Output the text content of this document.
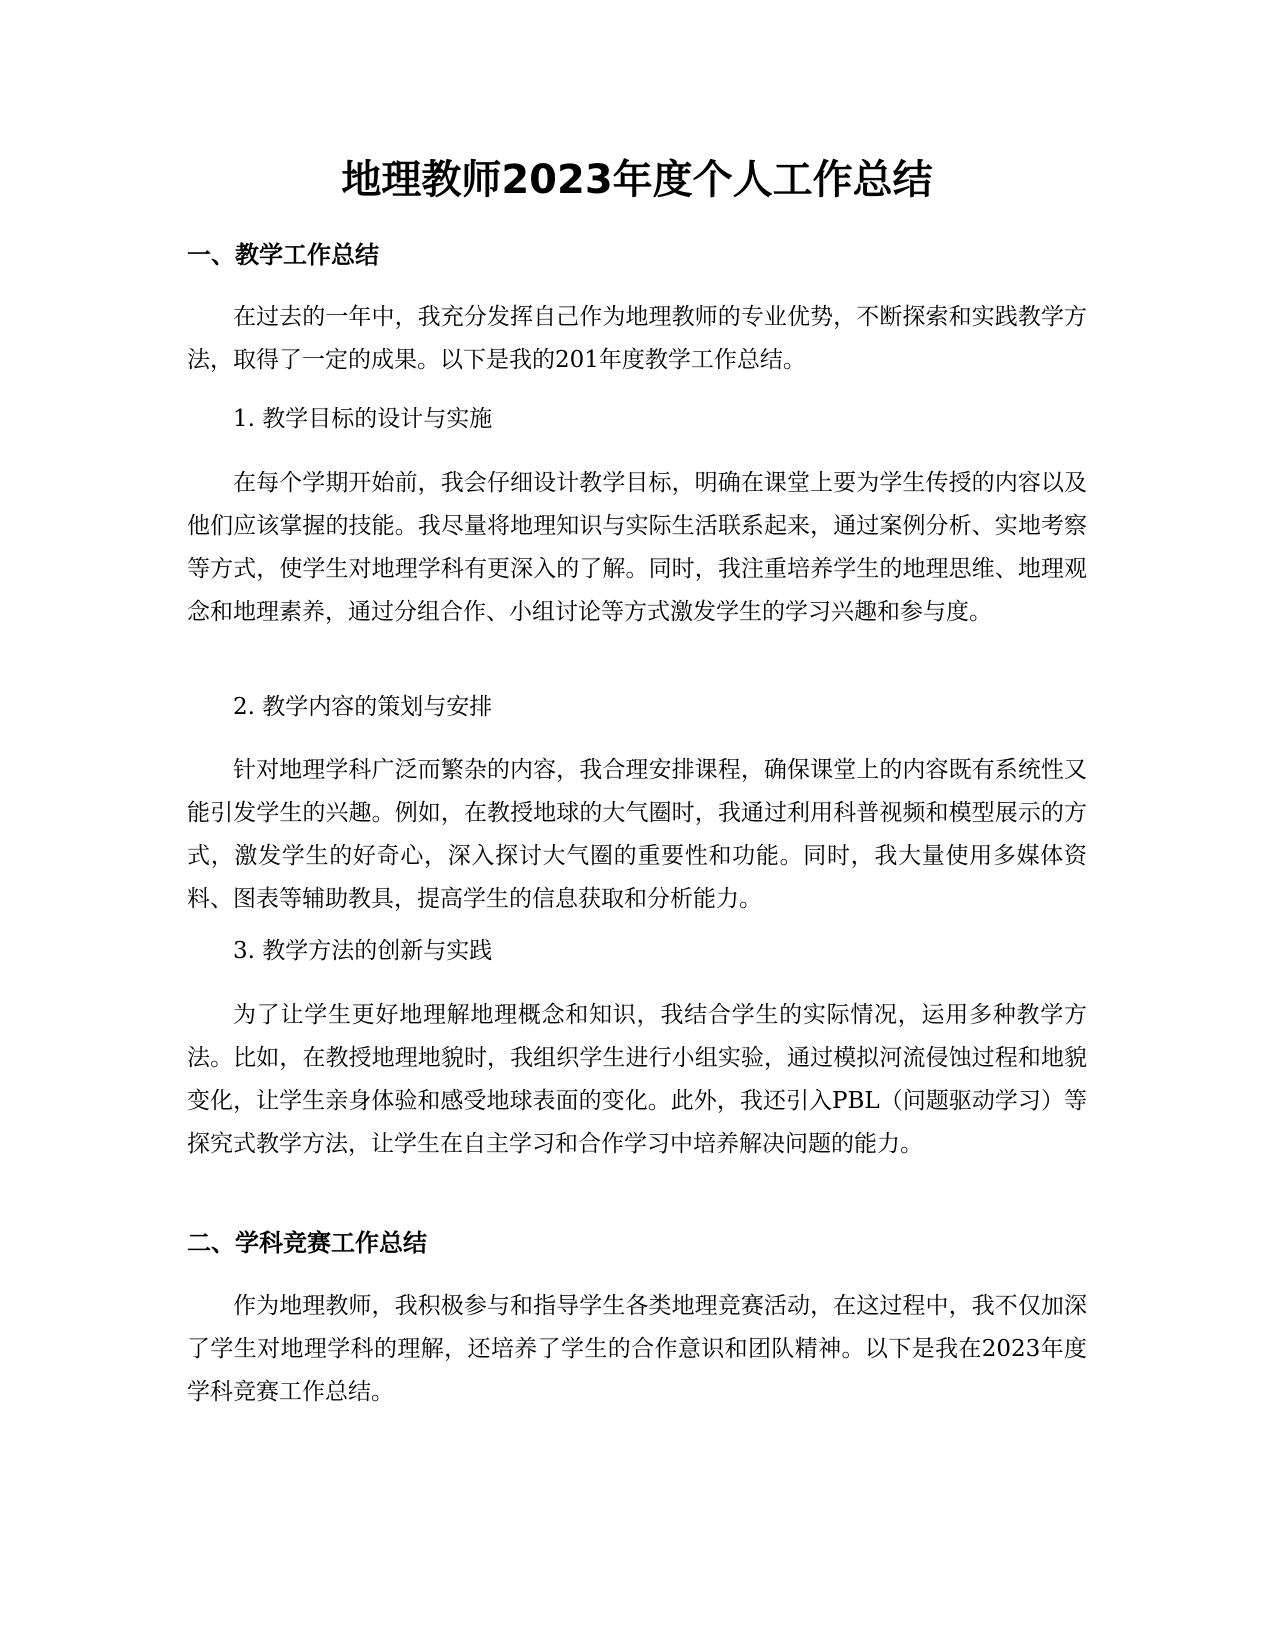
地理教师2023年度个人工作总结
一、教学工作总结

在过去的一年中，我充分发挥自己作为地理教师的专业优势，不断探索和实践教学方法，取得了一定的成果。以下是我的201年度教学工作总结。

1. 教学目标的设计与实施

在每个学期开始前，我会仔细设计教学目标，明确在课堂上要为学生传授的内容以及他们应该掌握的技能。我尽量将地理知识与实际生活联系起来，通过案例分析、实地考察等方式，使学生对地理学科有更深入的了解。同时，我注重培养学生的地理思维、地理观念和地理素养，通过分组合作、小组讨论等方式激发学生的学习兴趣和参与度。

2. 教学内容的策划与安排

针对地理学科广泛而繁杂的内容，我合理安排课程，确保课堂上的内容既有系统性又能引发学生的兴趣。例如，在教授地球的大气圈时，我通过利用科普视频和模型展示的方式，激发学生的好奇心，深入探讨大气圈的重要性和功能。同时，我大量使用多媒体资料、图表等辅助教具，提高学生的信息获取和分析能力。

3. 教学方法的创新与实践

为了让学生更好地理解地理概念和知识，我结合学生的实际情况，运用多种教学方法。比如，在教授地理地貌时，我组织学生进行小组实验，通过模拟河流侵蚀过程和地貌变化，让学生亲身体验和感受地球表面的变化。此外，我还引入PBL（问题驱动学习）等探究式教学方法，让学生在自主学习和合作学习中培养解决问题的能力。

二、学科竞赛工作总结

作为地理教师，我积极参与和指导学生各类地理竞赛活动，在这过程中，我不仅加深了学生对地理学科的理解，还培养了学生的合作意识和团队精神。以下是我在2023年度学科竞赛工作总结。
